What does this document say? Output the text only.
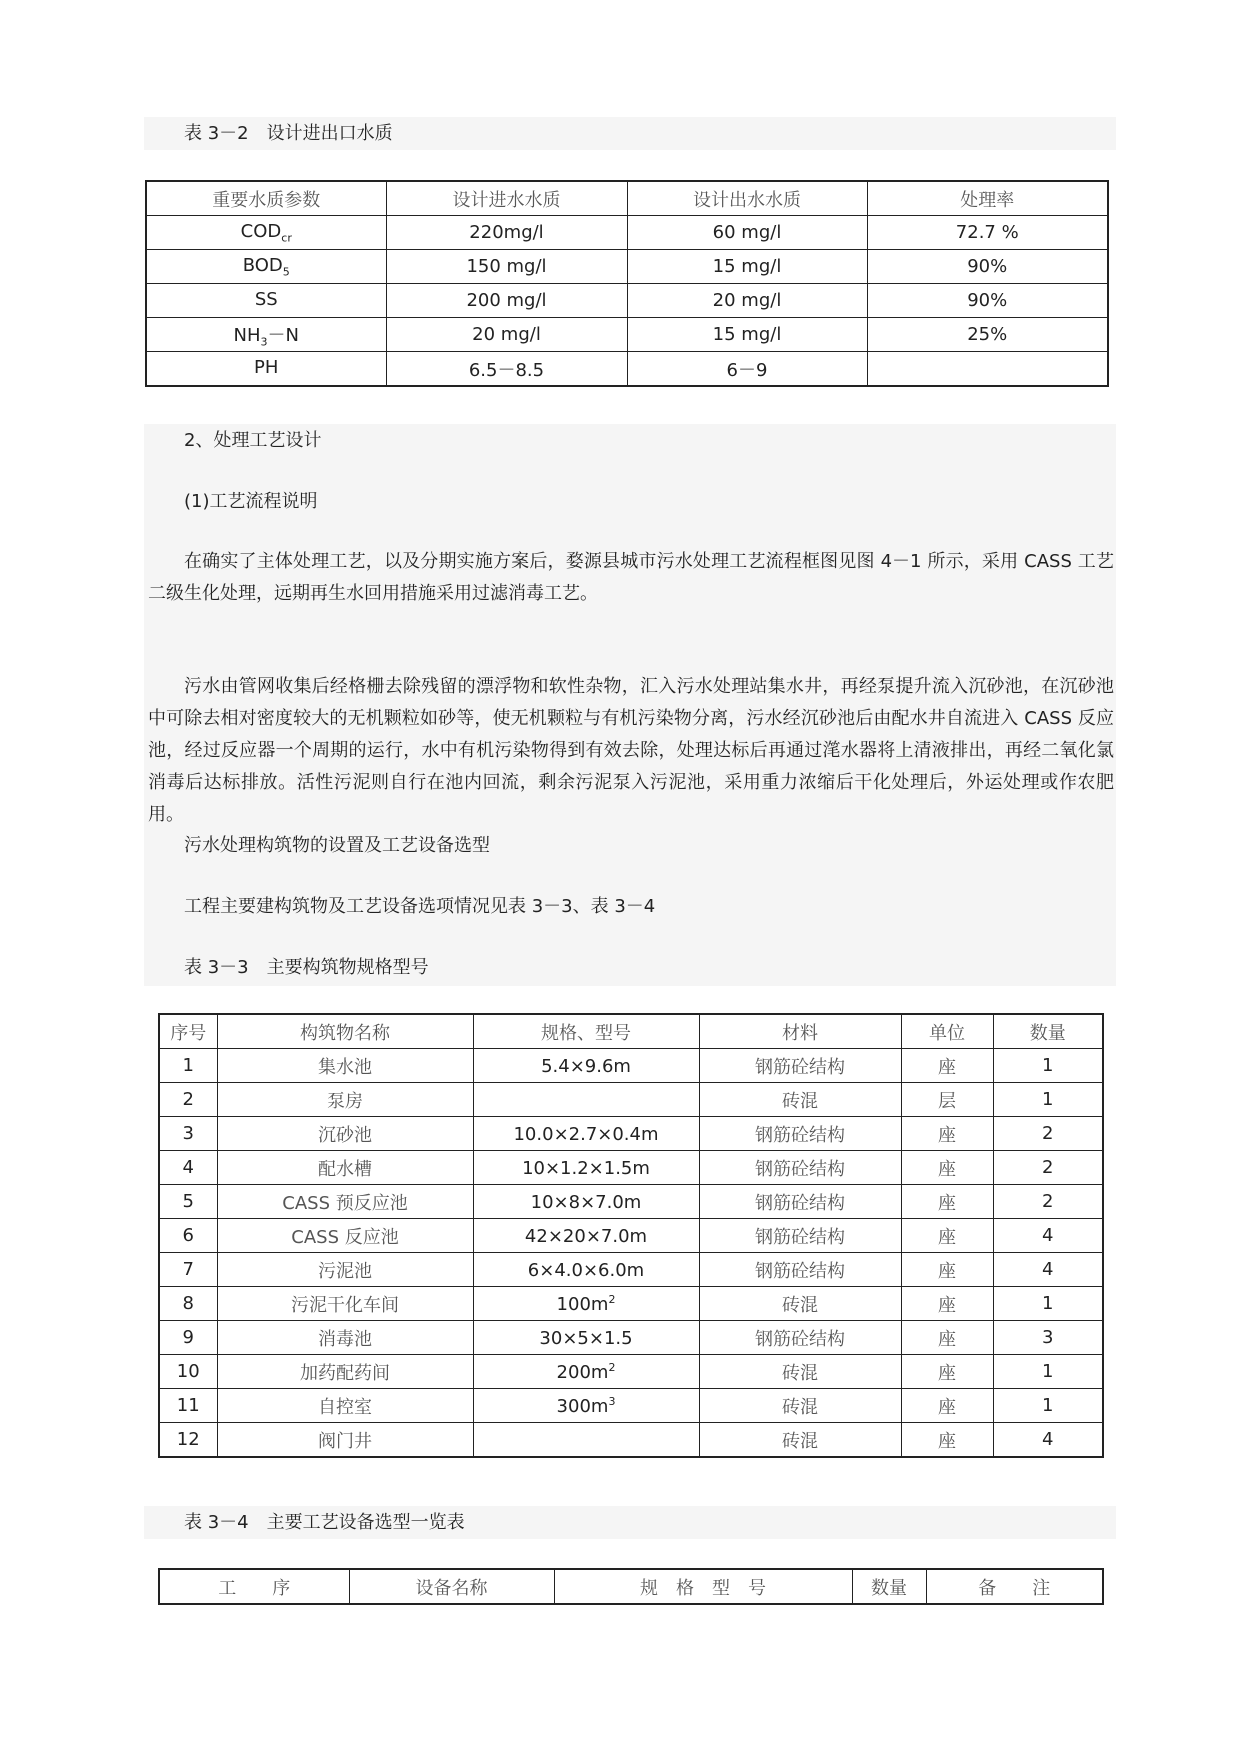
表 3－2　设计进出口水质
重要水质参数	设计进水水质	设计出水水质	处理率
$COD_{cr}$	220mg/l	60 mg/l	72.7 %
$BOD_5$	150 mg/l	15 mg/l	90%
SS	200 mg/l	20 mg/l	90%
$NH_3-N$	20 mg/l	15 mg/l	25%
PH	6.5－8.5	6－9	
2、处理工艺设计
(1)工艺流程说明
在确实了主体处理工艺，以及分期实施方案后，婺源县城市污水处理工艺流程框图见图 4－1 所示，采用 CASS 工艺二级生化处理，远期再生水回用措施采用过滤消毒工艺。
污水由管网收集后经格栅去除残留的漂浮物和软性杂物，汇入污水处理站集水井，再经泵提升流入沉砂池，在沉砂池中可除去相对密度较大的无机颗粒如砂等，使无机颗粒与有机污染物分离，污水经沉砂池后由配水井自流进入 CASS 反应池，经过反应器一个周期的运行，水中有机污染物得到有效去除，处理达标后再通过滗水器将上清液排出，再经二氧化氯消毒后达标排放。活性污泥则自行在池内回流，剩余污泥泵入污泥池，采用重力浓缩后干化处理后，外运处理或作农肥用。
污水处理构筑物的设置及工艺设备选型
工程主要建构筑物及工艺设备选项情况见表 3－3、表 3－4
表 3－3　主要构筑物规格型号
序号	构筑物名称	规格、型号	材料	单位	数量
1	集水池	5.4×9.6m	钢筋砼结构	座	1
2	泵房		砖混	层	1
3	沉砂池	10.0×2.7×0.4m	钢筋砼结构	座	2
4	配水槽	10×1.2×1.5m	钢筋砼结构	座	2
5	CASS 预反应池	10×8×7.0m	钢筋砼结构	座	2
6	CASS 反应池	42×20×7.0m	钢筋砼结构	座	4
7	污泥池	6×4.0×6.0m	钢筋砼结构	座	4
8	污泥干化车间	$100m^2$	砖混	座	1
9	消毒池	30×5×1.5	钢筋砼结构	座	3
10	加药配药间	$200m^2$	砖混	座	1
11	自控室	$300m^3$	砖混	座	1
12	阀门井		砖混	座	4
表 3－4　主要工艺设备选型一览表
工　　序	设备名称	规　格　型　号	数量	备　　注
